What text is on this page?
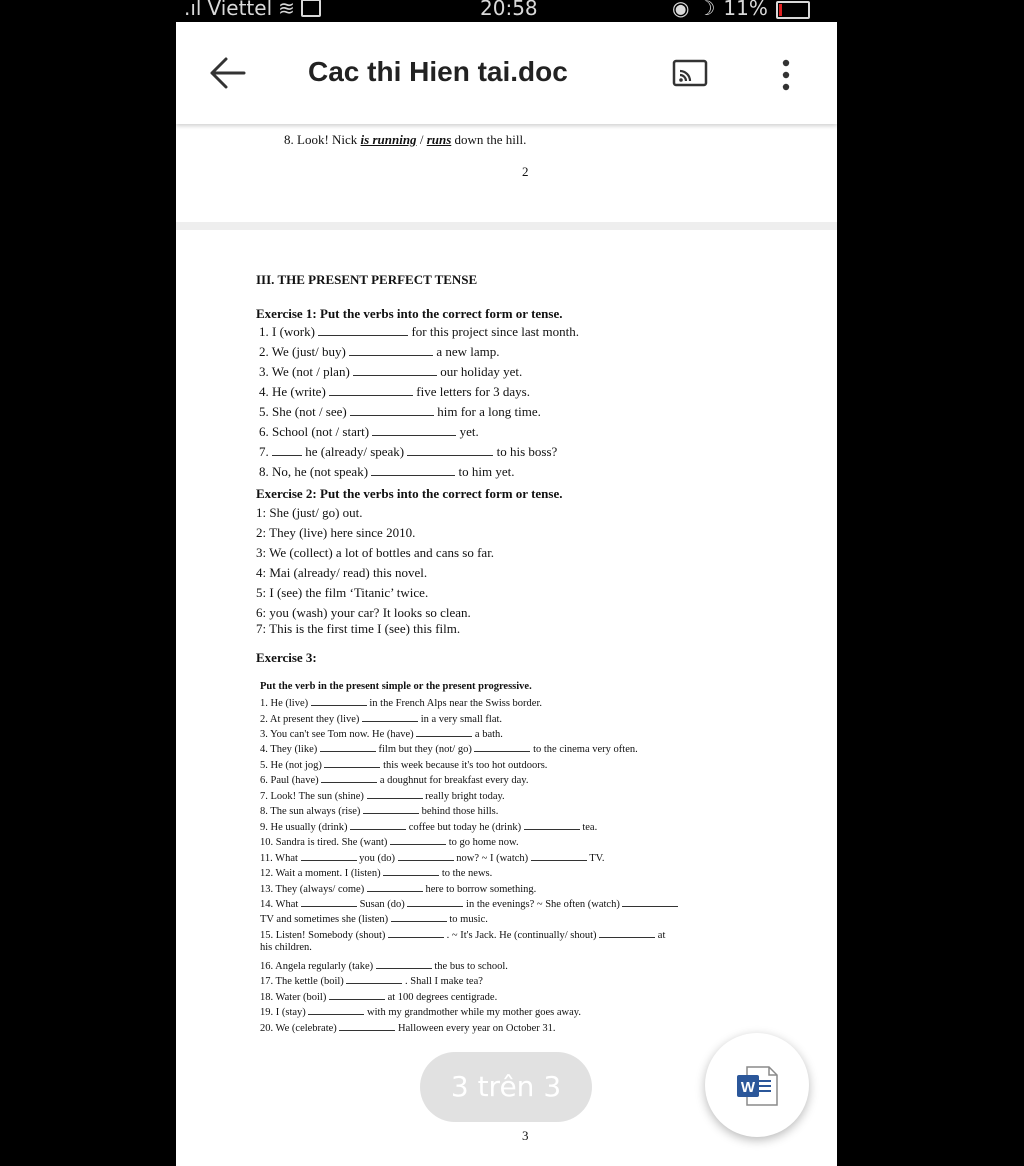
.ıl Viettel ≋	20:58	◉ ☽ 11%
Cac thi Hien tai.doc
8. Look! Nick is running / runs down the hill.
2
III. THE PRESENT PERFECT TENSE
Exercise 1: Put the verbs into the correct form or tense.
Exercise 2: Put the verbs into the correct form or tense.
Exercise 3:
Put the verb in the present simple or the present progressive.
3
1. I (work)	for this project since last month.
2. We (just/ buy)	a new lamp.
3. We (not / plan)	our holiday yet.
4. He (write)	five letters for 3 days.
5. She (not / see)	him for a long time.
6. School (not / start)	yet.
7.	he (already/ speak)	to his boss?
8. No, he (not speak)	to him yet.
1: She (just/ go) out.
2: They (live) here since 2010.
3: We (collect) a lot of bottles and cans so far.
4: Mai (already/ read) this novel.
5: I (see) the film ‘Titanic’ twice.
6: you (wash) your car? It looks so clean.
7: This is the first time I (see) this film.
1. He (live)	in the French Alps near the Swiss border.
2. At present they (live)	in a very small flat.
3. You can't see Tom now. He (have)	a bath.
4. They (like)	film but they (not/ go)	to the cinema very often.
5. He (not jog)	this week because it's too hot outdoors.
6. Paul (have)	a doughnut for breakfast every day.
7. Look! The sun (shine)	really bright today.
8. The sun always (rise)	behind those hills.
9. He usually (drink)	coffee but today he (drink)	tea.
10. Sandra is tired. She (want)	to go home now.
11. What	you (do)	now? ~ I (watch)	TV.
12. Wait a moment. I (listen)	to the news.
13. They (always/ come)	here to borrow something.
14. What	Susan (do)	in the evenings? ~ She often (watch)
TV and sometimes she (listen)	to music.
15. Listen! Somebody (shout)	. ~ It's Jack. He (continually/ shout)	at
his children.
16. Angela regularly (take)	the bus to school.
17. The kettle (boil)	. Shall I make tea?
18. Water (boil)	at 100 degrees centigrade.
19. I (stay)	with my grandmother while my mother goes away.
20. We (celebrate)	Halloween every year on October 31.
3 trên 3	W
